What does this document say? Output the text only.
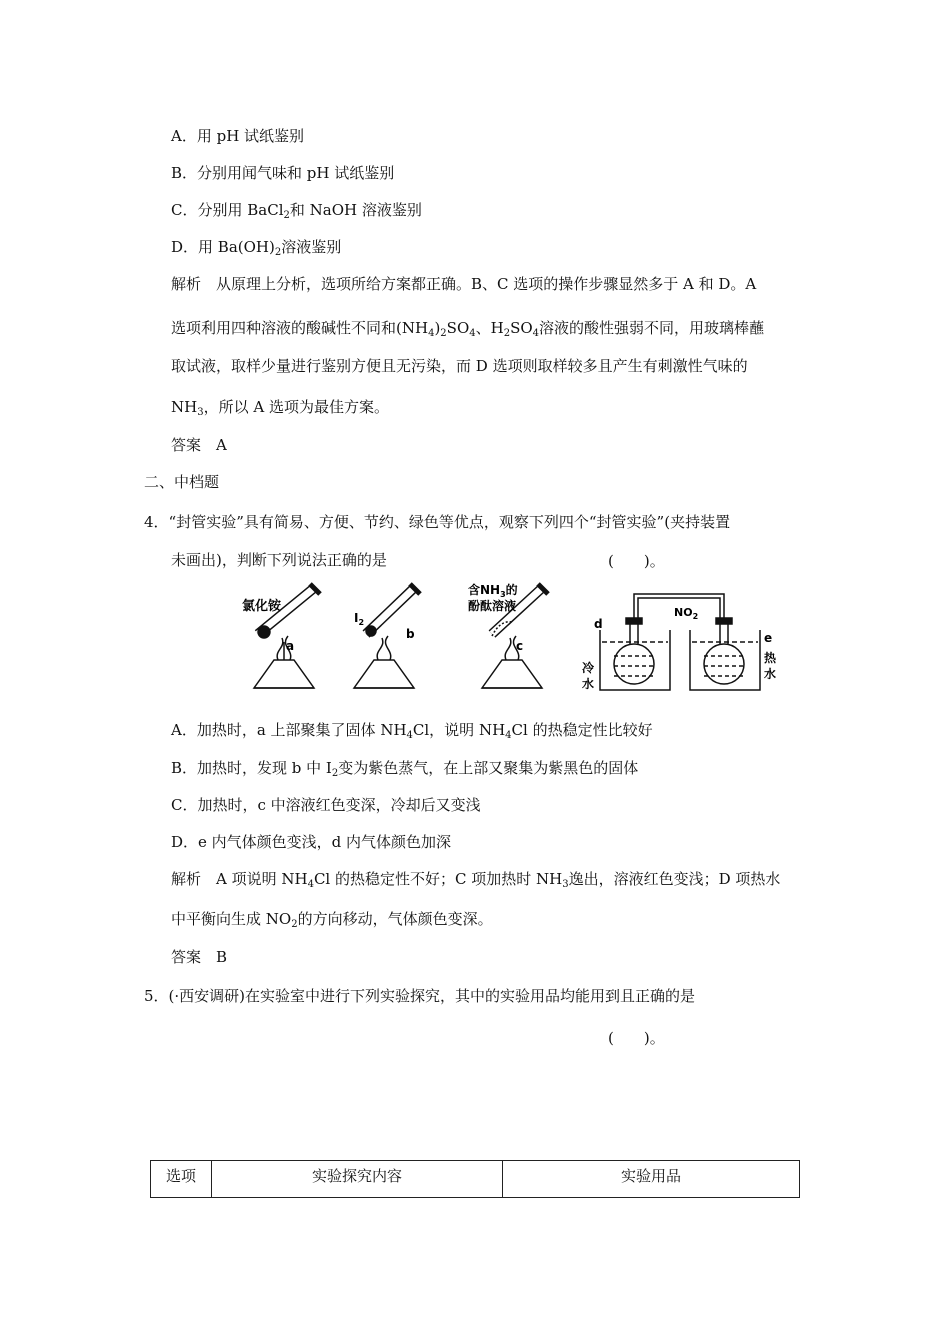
A．用 pH 试纸鉴别
B．分别用闻气味和 pH 试纸鉴别
C．分别用 BaCl$_2$和 NaOH 溶液鉴别
D．用 $Ba(OH)_2$溶液鉴别
解析　从原理上分析，选项所给方案都正确。B、C 选项的操作步骤显然多于 A 和 D。A
选项利用四种溶液的酸碱性不同和$(NH_4)_2SO_4$、$H_2SO_4$溶液的酸性强弱不同，用玻璃棒蘸
取试液，取样少量进行鉴别方便且无污染，而 D 选项则取样较多且产生有刺激性气味的
$NH_3$，所以 A 选项为最佳方案。
答案　A
二、中档题
4．“封管实验”具有简易、方便、节约、绿色等优点，观察下列四个“封管实验”(夹持装置
未画出)，判断下列说法正确的是	(　　)。
氯化铵
a
$I_2$
b
含$NH_3$的
酚酞溶液
c
d
$NO_2$
e
冷
水
热
水
A．加热时，a 上部聚集了固体 $NH_4Cl$，说明 $NH_4Cl$ 的热稳定性比较好
B．加热时，发现 b 中 $I_2$变为紫色蒸气，在上部又聚集为紫黑色的固体
C．加热时，c 中溶液红色变深，冷却后又变浅
D．e 内气体颜色变浅，d 内气体颜色加深
解析　A 项说明 $NH_4Cl$ 的热稳定性不好；C 项加热时 $NH_3$逸出，溶液红色变浅；D 项热水
中平衡向生成 $NO_2$的方向移动，气体颜色变深。
答案　B
5．(·西安调研)在实验室中进行下列实验探究，其中的实验用品均能用到且正确的是
(　　)。
选项	实验探究内容	实验用品
